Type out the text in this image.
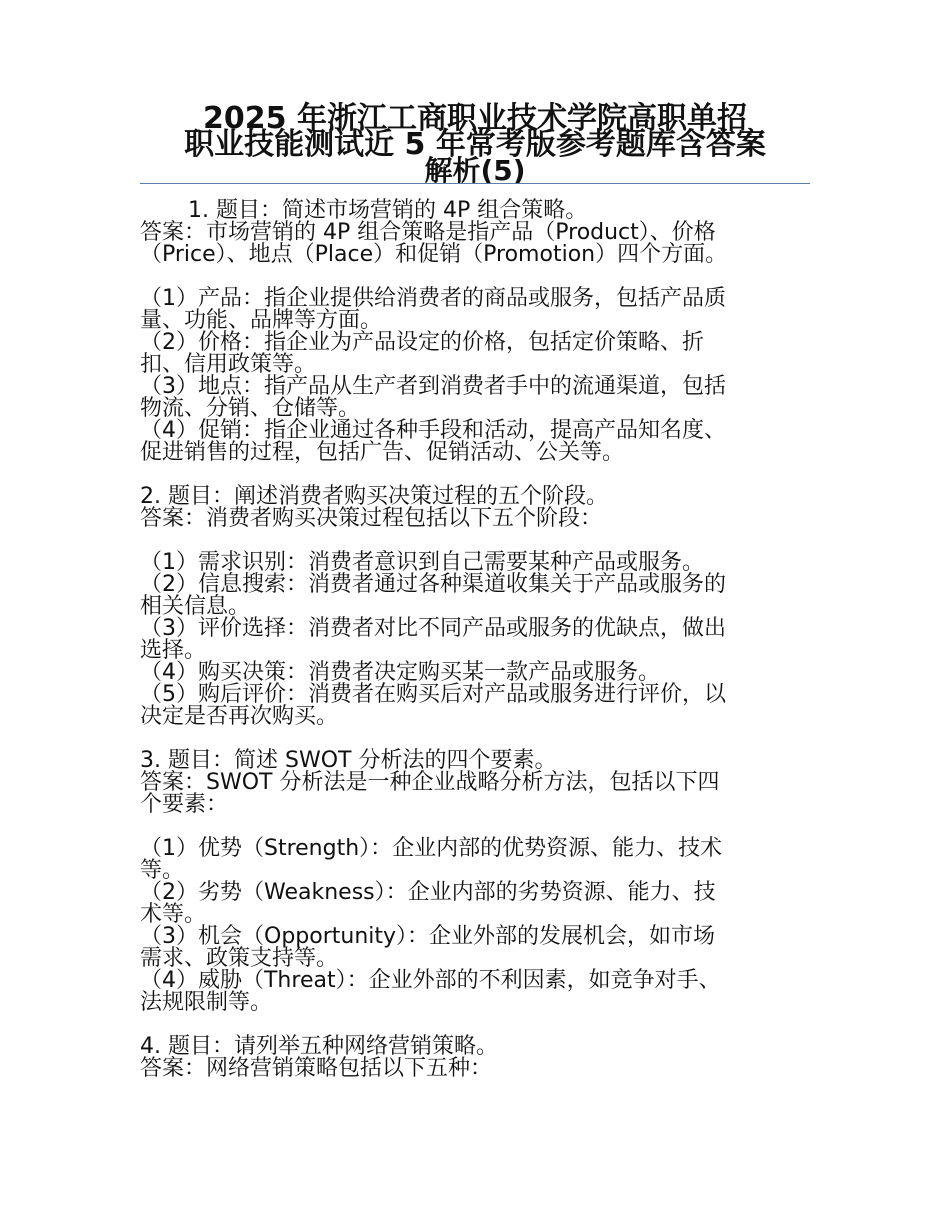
2025 年浙江工商职业技术学院高职单招
职业技能测试近 5 年常考版参考题库含答案
解析(5)
1. 题目：简述市场营销的 4P 组合策略。
答案：市场营销的 4P 组合策略是指产品（Product）、价格
（Price）、地点（Place）和促销（Promotion）四个方面。
（1）产品：指企业提供给消费者的商品或服务，包括产品质
量、功能、品牌等方面。
（2）价格：指企业为产品设定的价格，包括定价策略、折
扣、信用政策等。
（3）地点：指产品从生产者到消费者手中的流通渠道，包括
物流、分销、仓储等。
（4）促销：指企业通过各种手段和活动，提高产品知名度、
促进销售的过程，包括广告、促销活动、公关等。
2. 题目：阐述消费者购买决策过程的五个阶段。
答案：消费者购买决策过程包括以下五个阶段：
（1）需求识别：消费者意识到自己需要某种产品或服务。
（2）信息搜索：消费者通过各种渠道收集关于产品或服务的
相关信息。
（3）评价选择：消费者对比不同产品或服务的优缺点，做出
选择。
（4）购买决策：消费者决定购买某一款产品或服务。
（5）购后评价：消费者在购买后对产品或服务进行评价，以
决定是否再次购买。
3. 题目：简述 SWOT 分析法的四个要素。
答案：SWOT 分析法是一种企业战略分析方法，包括以下四
个要素：
（1）优势（Strength）：企业内部的优势资源、能力、技术
等。
（2）劣势（Weakness）：企业内部的劣势资源、能力、技
术等。
（3）机会（Opportunity）：企业外部的发展机会，如市场
需求、政策支持等。
（4）威胁（Threat）：企业外部的不利因素，如竞争对手、
法规限制等。
4. 题目：请列举五种网络营销策略。
答案：网络营销策略包括以下五种：
